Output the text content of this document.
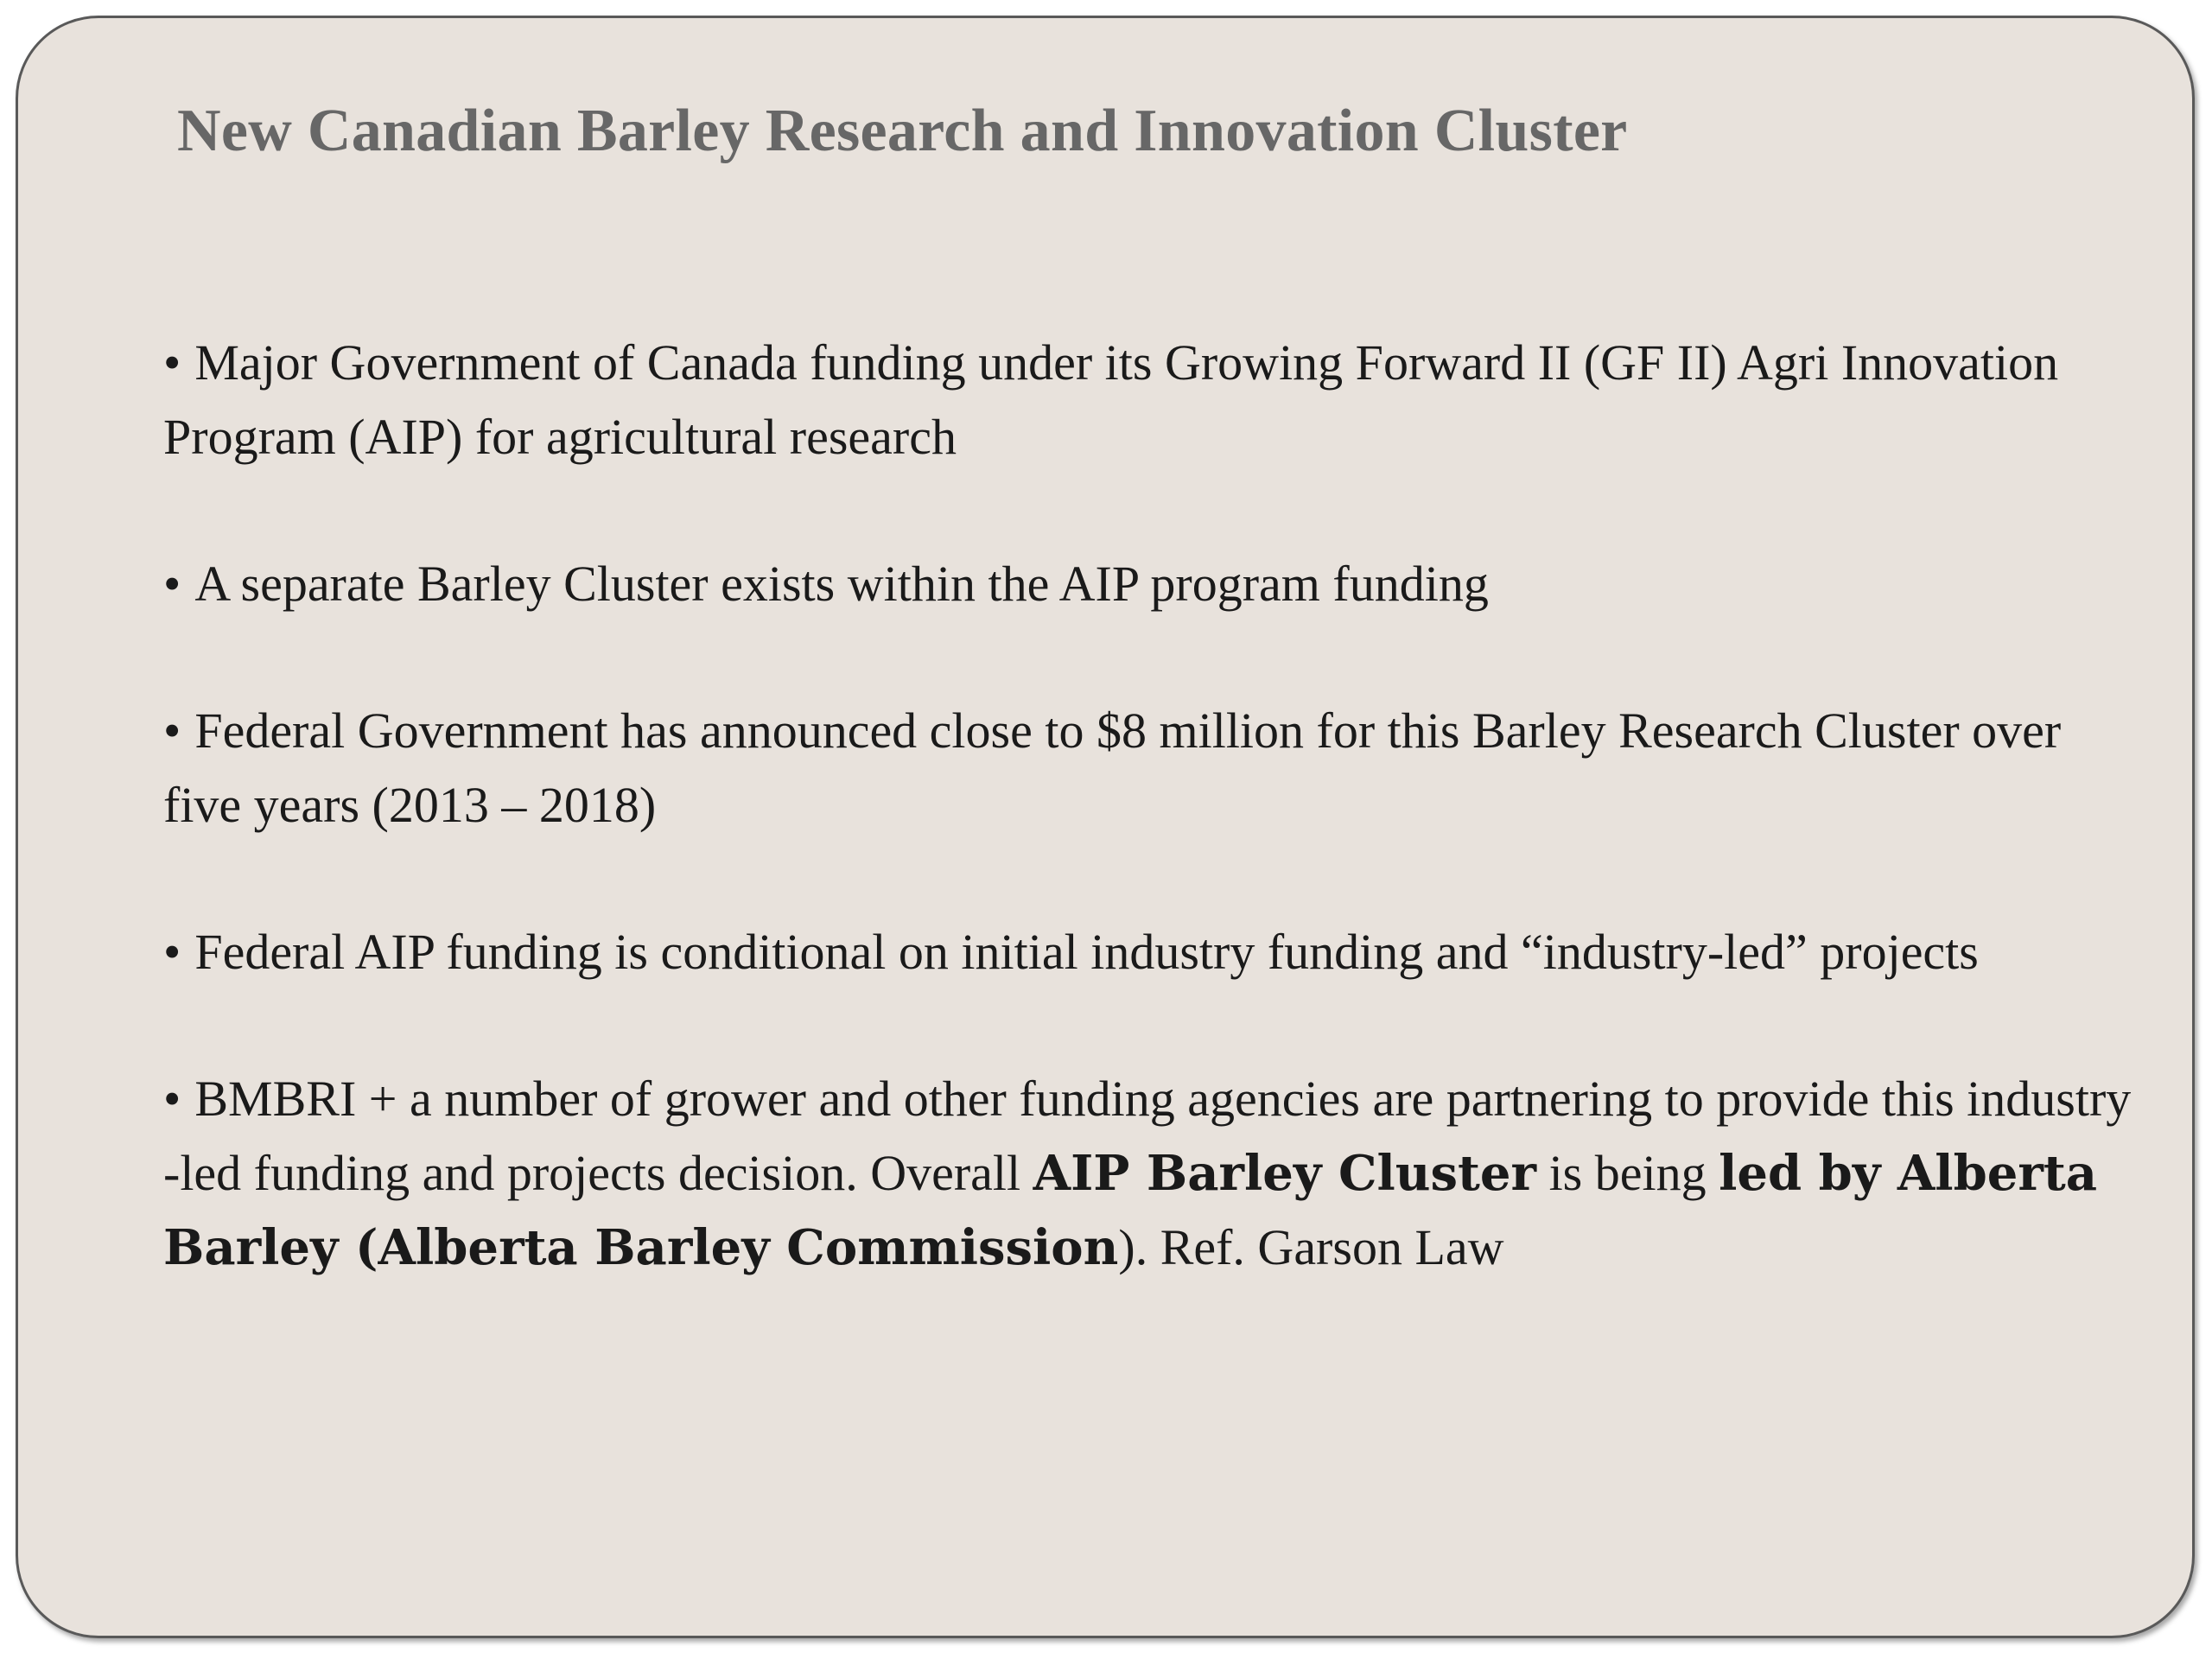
New Canadian Barley Research and Innovation Cluster

• Major Government of Canada funding under its Growing Forward II (GF II) Agri Innovation Program (AIP) for agricultural research

• A separate Barley Cluster exists within the AIP program funding

• Federal Government has announced close to $8 million for this Barley Research Cluster over five years (2013 – 2018)

• Federal AIP funding is conditional on initial industry funding and “industry-led” projects

• BMBRI + a number of grower and other funding agencies are partnering to provide this industry -led funding and projects decision. Overall AIP Barley Cluster is being led by Alberta Barley (Alberta Barley Commission). Ref. Garson Law
